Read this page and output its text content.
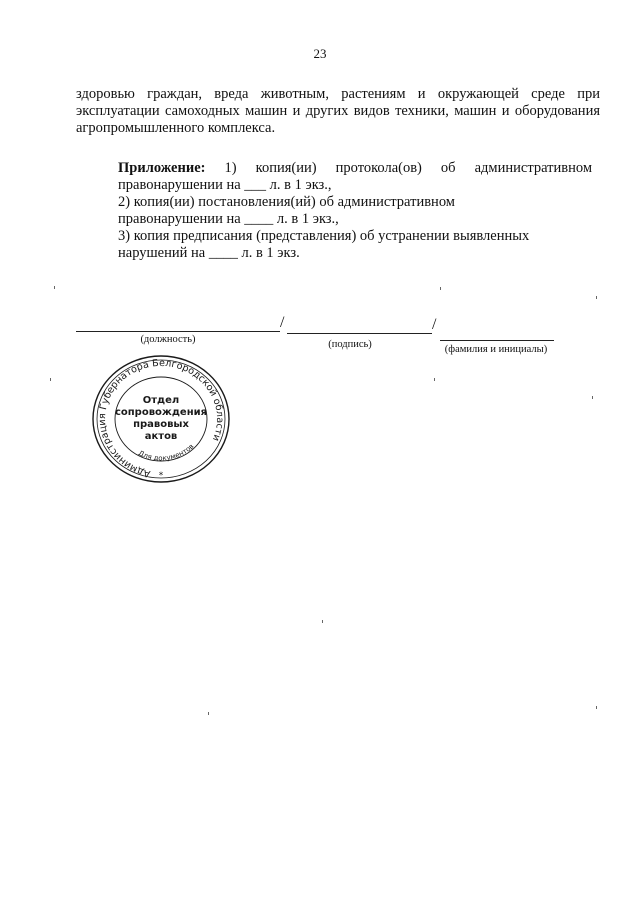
23
здоровью граждан, вреда животным, растениям и окружающей среде при эксплуатации самоходных машин и других видов техники, машин и оборудования агропромышленного комплекса.
Приложение: 1) копия(ии) протокола(ов) об административном
правонарушении на ___ л. в 1 экз.,
2) копия(ии) постановления(ий) об административном
правонарушении на ____ л. в 1 экз.,
3) копия предписания (представления) об устранении выявленных
нарушений на ____ л. в 1 экз.
/	/
(должность)	(подпись)	(фамилия и инициалы)
Администрация Губернатора Белгородской области
Для документов
Отдел
сопровождения
правовых
актов
*
